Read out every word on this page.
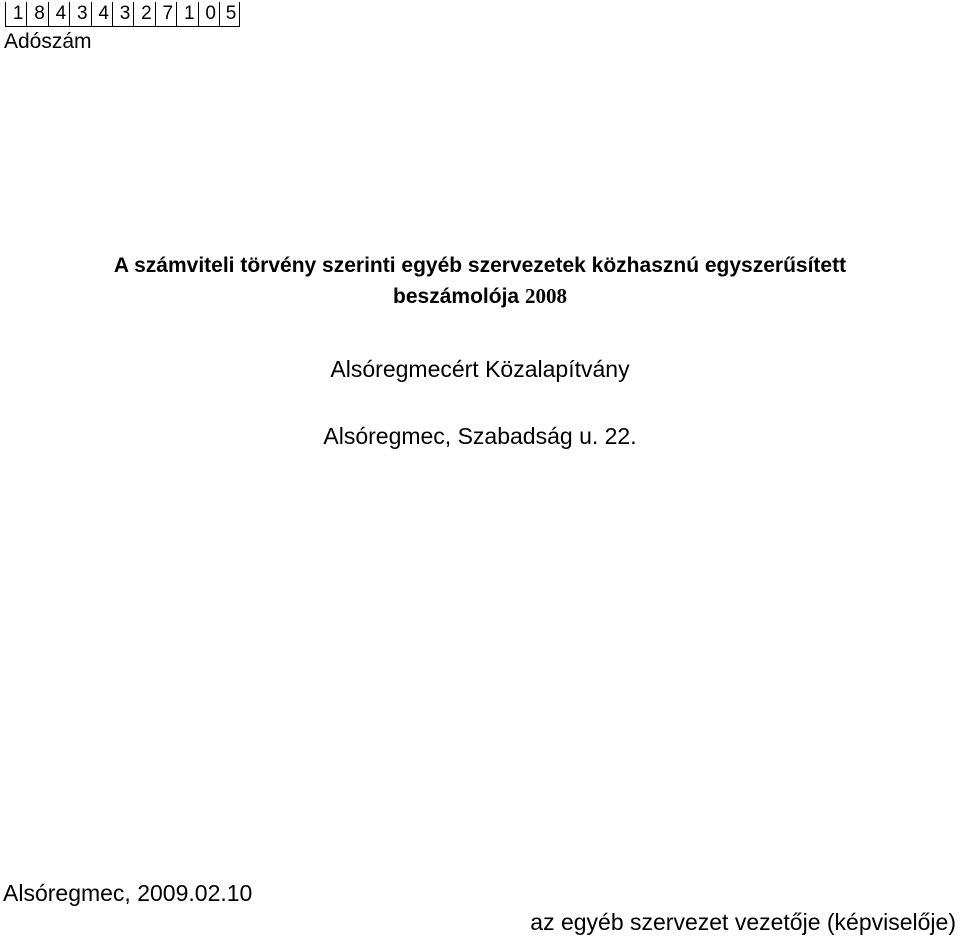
1 8 4 3 4 3 2 7 1 0 5
Adószám
A számviteli törvény szerinti egyéb szervezetek közhasznú egyszerűsített
beszámolója 2008
Alsóregmecért Közalapítvány
Alsóregmec, Szabadság u. 22.
Alsóregmec, 2009.02.10
az egyéb szervezet vezetője (képviselője)
